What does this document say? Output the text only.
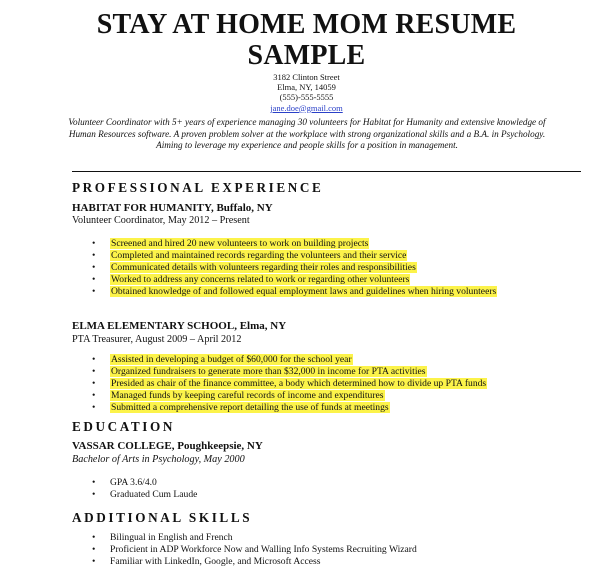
STAY AT HOME MOM RESUME
SAMPLE
3182 Clinton Street
Elma, NY, 14059
(555)-555-5555
jane.doe@gmail.com
Volunteer Coordinator with 5+ years of experience managing 30 volunteers for Habitat for Humanity and extensive knowledge of Human Resources software. A proven problem solver at the workplace with strong organizational skills and a B.A. in Psychology. Aiming to leverage my experience and people skills for a position in management.
PROFESSIONAL EXPERIENCE
HABITAT FOR HUMANITY, Buffalo, NY
Volunteer Coordinator, May 2012 – Present
• Screened and hired 20 new volunteers to work on building projects
• Completed and maintained records regarding the volunteers and their service
• Communicated details with volunteers regarding their roles and responsibilities
• Worked to address any concerns related to work or regarding other volunteers
• Obtained knowledge of and followed equal employment laws and guidelines when hiring volunteers
ELMA ELEMENTARY SCHOOL, Elma, NY
PTA Treasurer, August 2009 – April 2012
• Assisted in developing a budget of $60,000 for the school year
• Organized fundraisers to generate more than $32,000 in income for PTA activities
• Presided as chair of the finance committee, a body which determined how to divide up PTA funds
• Managed funds by keeping careful records of income and expenditures
• Submitted a comprehensive report detailing the use of funds at meetings
EDUCATION
VASSAR COLLEGE, Poughkeepsie, NY
Bachelor of Arts in Psychology, May 2000
• GPA 3.6/4.0
• Graduated Cum Laude
ADDITIONAL SKILLS
• Bilingual in English and French
• Proficient in ADP Workforce Now and Walling Info Systems Recruiting Wizard
• Familiar with LinkedIn, Google, and Microsoft Access
